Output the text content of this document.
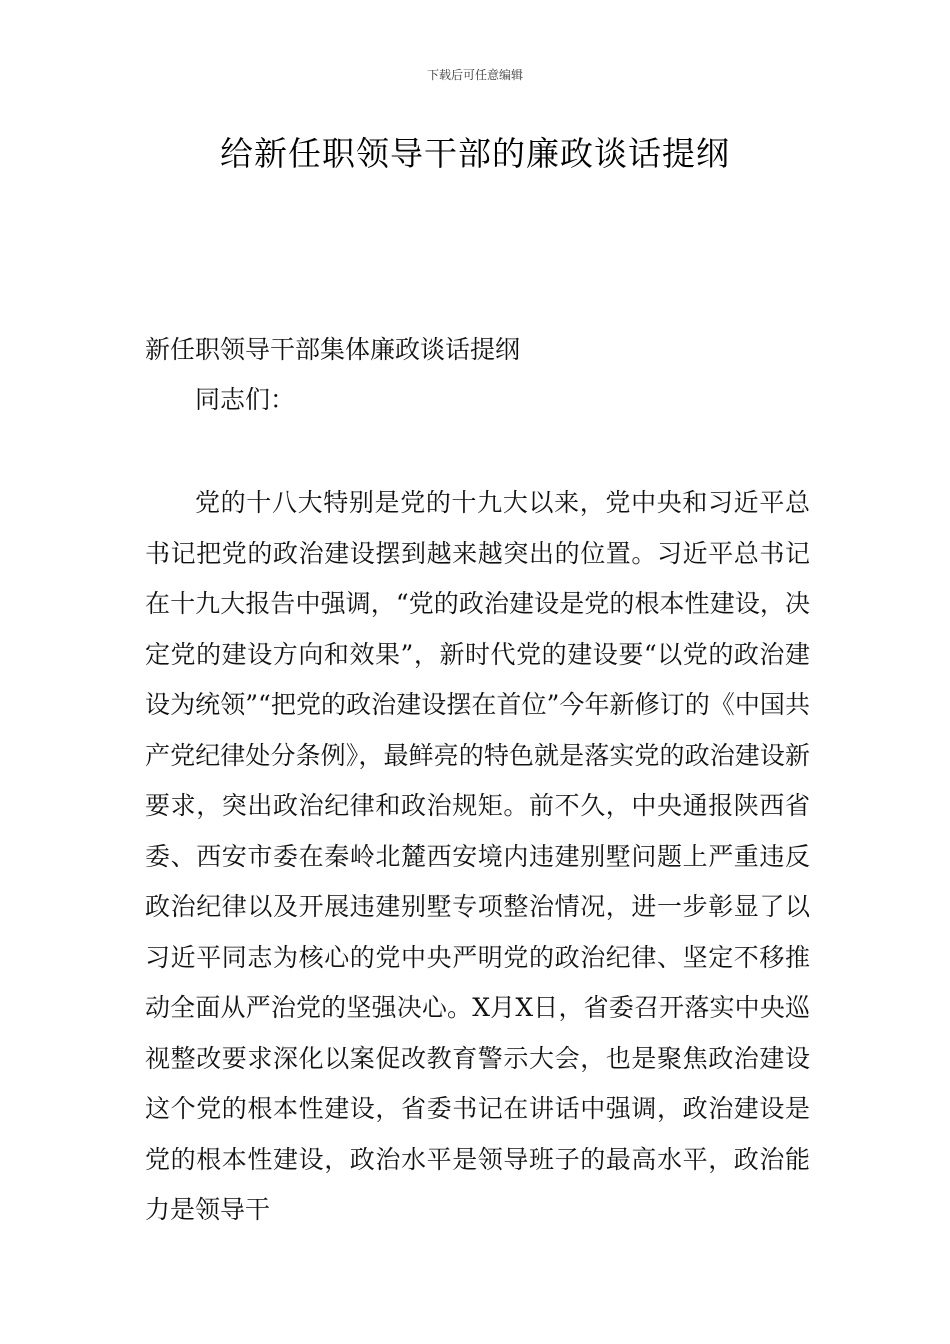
下载后可任意编辑
给新任职领导干部的廉政谈话提纲
新任职领导干部集体廉政谈话提纲
同志们：

党的十八大特别是党的十九大以来，党中央和习近平总书记把党的政治建设摆到越来越突出的位置。习近平总书记在十九大报告中强调，“党的政治建设是党的根本性建设，决定党的建设方向和效果”，新时代党的建设要“以党的政治建设为统领”“把党的政治建设摆在首位”今年新修订的《中国共产党纪律处分条例》，最鲜亮的特色就是落实党的政治建设新要求，突出政治纪律和政治规矩。前不久，中央通报陕西省委、西安市委在秦岭北麓西安境内违建别墅问题上严重违反政治纪律以及开展违建别墅专项整治情况，进一步彰显了以习近平同志为核心的党中央严明党的政治纪律、坚定不移推动全面从严治党的坚强决心。X月X日，省委召开落实中央巡视整改要求深化以案促改教育警示大会，也是聚焦政治建设这个党的根本性建设，省委书记在讲话中强调，政治建设是党的根本性建设，政治水平是领导班子的最高水平，政治能力是领导干
